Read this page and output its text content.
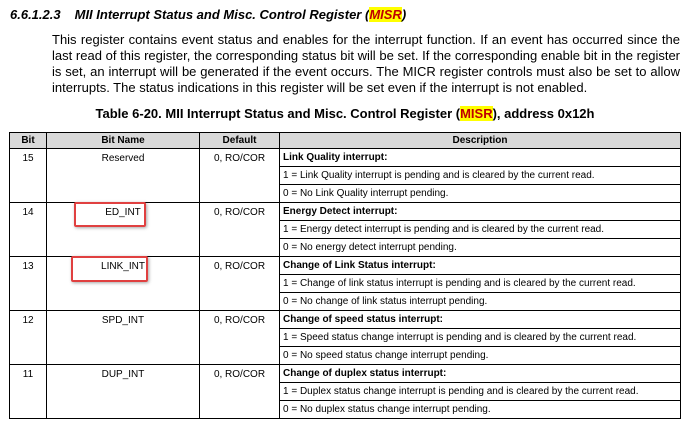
6.6.1.2.3 MII Interrupt Status and Misc. Control Register (MISR)
This register contains event status and enables for the interrupt function. If an event has occurred since the last read of this register, the corresponding status bit will be set. If the corresponding enable bit in the register is set, an interrupt will be generated if the event occurs. The MICR register controls must also be set to allow interrupts. The status indications in this register will be set even if the interrupt is not enabled.
Table 6-20. MII Interrupt Status and Misc. Control Register (MISR), address 0x12h
Bit	Bit Name	Default	Description
15	Reserved	0, RO/COR	Link Quality interrupt:
1 = Link Quality interrupt is pending and is cleared by the current read.
0 = No Link Quality interrupt pending.

14	ED_INT	0, RO/COR	Energy Detect interrupt:
1 = Energy detect interrupt is pending and is cleared by the current read.
0 = No energy detect interrupt pending.

13	LINK_INT	0, RO/COR	Change of Link Status interrupt:
1 = Change of link status interrupt is pending and is cleared by the current read.
0 = No change of link status interrupt pending.

12	SPD_INT	0, RO/COR	Change of speed status interrupt:
1 = Speed status change interrupt is pending and is cleared by the current read.
0 = No speed status change interrupt pending.

11	DUP_INT	0, RO/COR	Change of duplex status interrupt:
1 = Duplex status change interrupt is pending and is cleared by the current read.
0 = No duplex status change interrupt pending.
